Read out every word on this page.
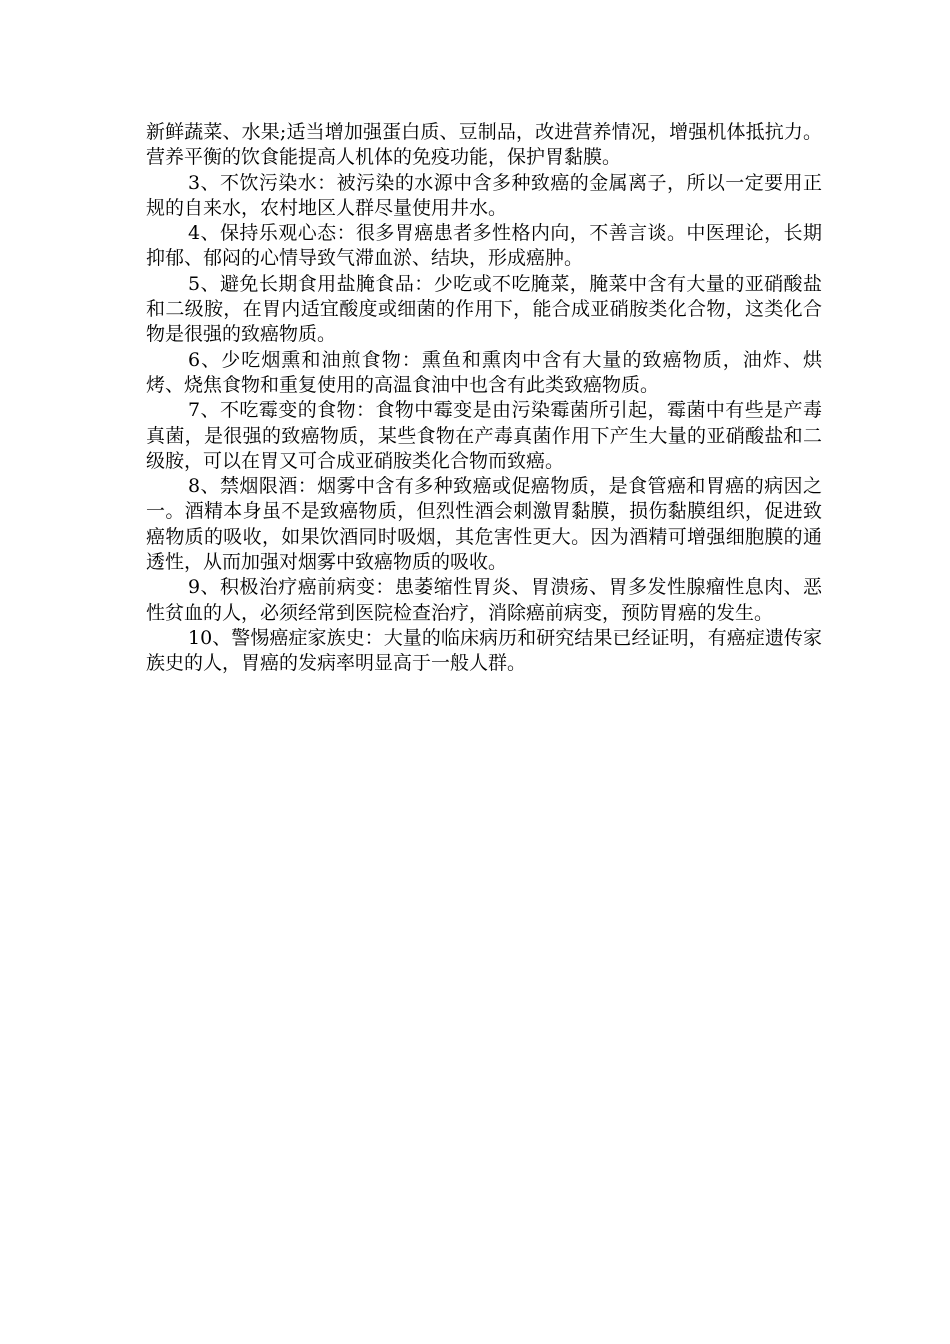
新鲜蔬菜、水果;适当增加强蛋白质、豆制品，改进营养情况，增强机体抵抗力。营养平衡的饮食能提高人机体的免疫功能，保护胃黏膜。

3、不饮污染水：被污染的水源中含多种致癌的金属离子，所以一定要用正规的自来水，农村地区人群尽量使用井水。

4、保持乐观心态：很多胃癌患者多性格内向，不善言谈。中医理论，长期抑郁、郁闷的心情导致气滞血淤、结块，形成癌肿。

5、避免长期食用盐腌食品：少吃或不吃腌菜，腌菜中含有大量的亚硝酸盐和二级胺，在胃内适宜酸度或细菌的作用下，能合成亚硝胺类化合物，这类化合物是很强的致癌物质。

6、少吃烟熏和油煎食物：熏鱼和熏肉中含有大量的致癌物质，油炸、烘烤、烧焦食物和重复使用的高温食油中也含有此类致癌物质。

7、不吃霉变的食物：食物中霉变是由污染霉菌所引起，霉菌中有些是产毒真菌，是很强的致癌物质，某些食物在产毒真菌作用下产生大量的亚硝酸盐和二级胺，可以在胃又可合成亚硝胺类化合物而致癌。

8、禁烟限酒：烟雾中含有多种致癌或促癌物质，是食管癌和胃癌的病因之一。酒精本身虽不是致癌物质，但烈性酒会刺激胃黏膜，损伤黏膜组织，促进致癌物质的吸收，如果饮酒同时吸烟，其危害性更大。因为酒精可增强细胞膜的通透性，从而加强对烟雾中致癌物质的吸收。

9、积极治疗癌前病变：患萎缩性胃炎、胃溃疡、胃多发性腺瘤性息肉、恶性贫血的人，必须经常到医院检查治疗，消除癌前病变，预防胃癌的发生。

10、警惕癌症家族史：大量的临床病历和研究结果已经证明，有癌症遗传家族史的人，胃癌的发病率明显高于一般人群。
